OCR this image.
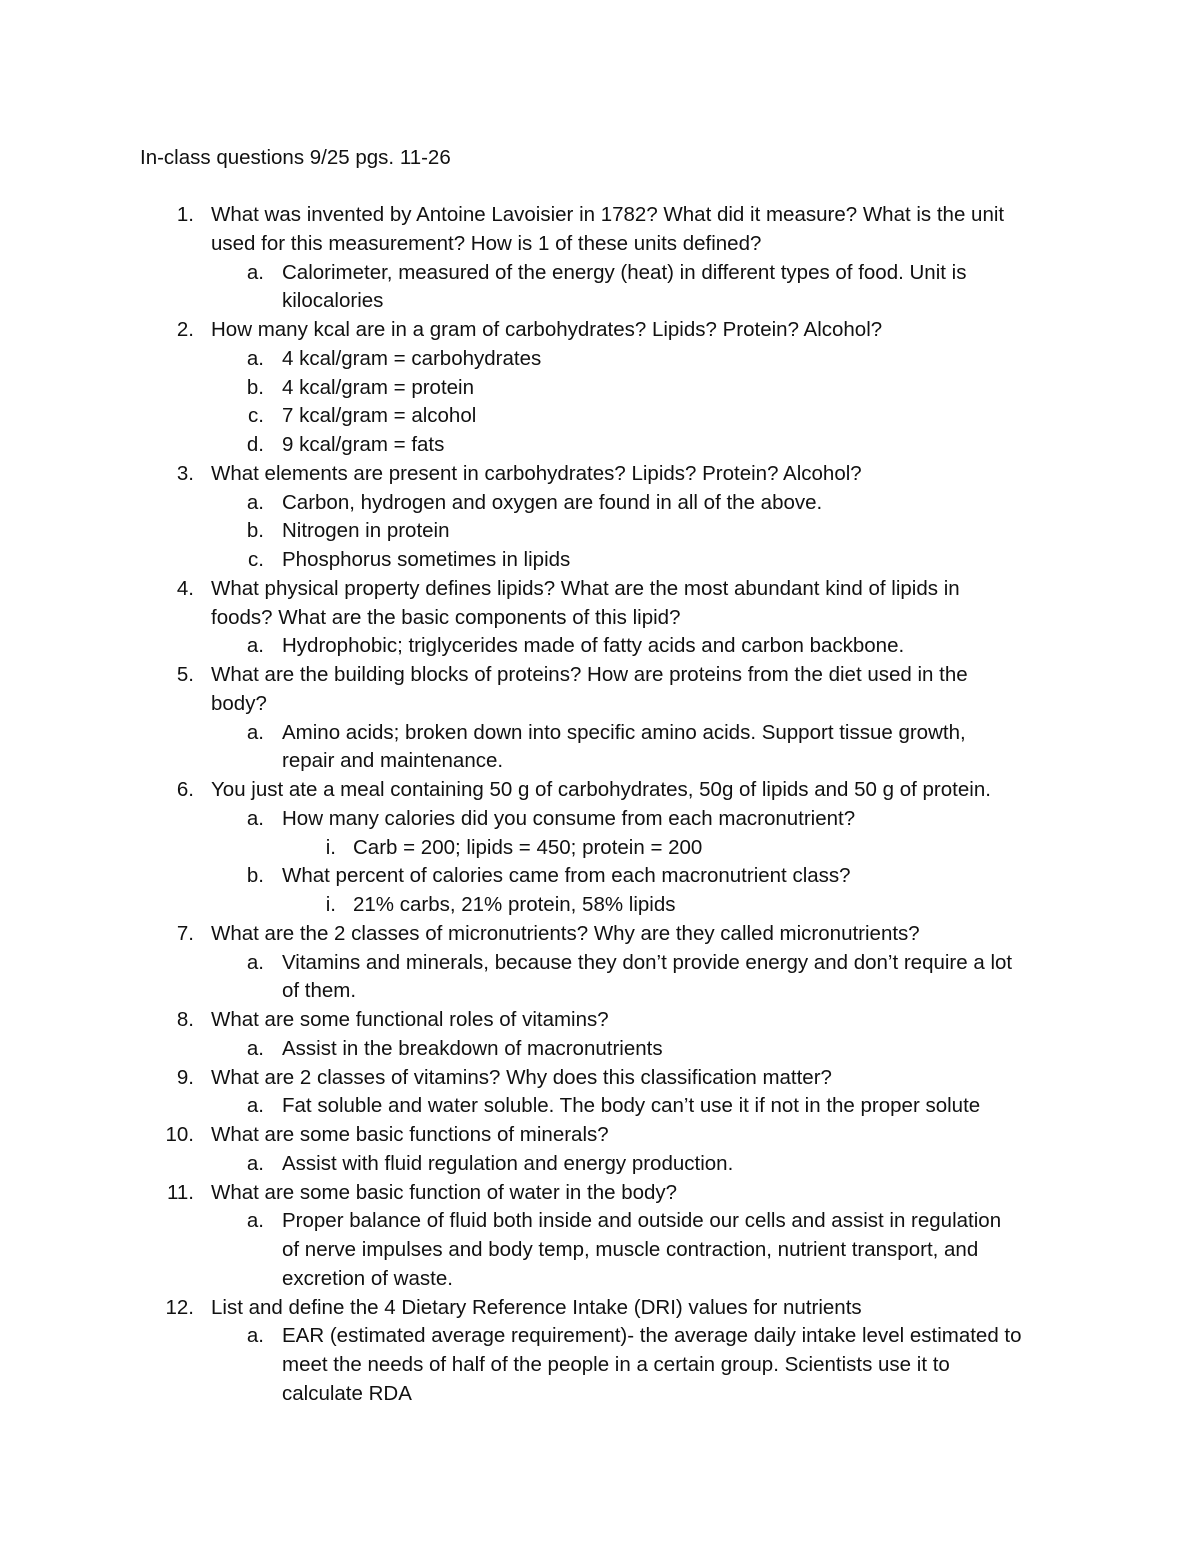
In-class questions 9/25 pgs. 11-26
1. What was invented by Antoine Lavoisier in 1782? What did it measure? What is the unit
used for this measurement? How is 1 of these units defined?
a. Calorimeter, measured of the energy (heat) in different types of food. Unit is
kilocalories
2. How many kcal are in a gram of carbohydrates? Lipids? Protein? Alcohol?
a. 4 kcal/gram = carbohydrates
b. 4 kcal/gram = protein
c. 7 kcal/gram = alcohol
d. 9 kcal/gram = fats
3. What elements are present in carbohydrates? Lipids? Protein? Alcohol?
a. Carbon, hydrogen and oxygen are found in all of the above.
b. Nitrogen in protein
c. Phosphorus sometimes in lipids
4. What physical property defines lipids? What are the most abundant kind of lipids in
foods? What are the basic components of this lipid?
a. Hydrophobic; triglycerides made of fatty acids and carbon backbone.
5. What are the building blocks of proteins? How are proteins from the diet used in the
body?
a. Amino acids; broken down into specific amino acids. Support tissue growth,
repair and maintenance.
6. You just ate a meal containing 50 g of carbohydrates, 50g of lipids and 50 g of protein.
a. How many calories did you consume from each macronutrient?
i. Carb = 200; lipids = 450; protein = 200
b. What percent of calories came from each macronutrient class?
i. 21% carbs, 21% protein, 58% lipids
7. What are the 2 classes of micronutrients? Why are they called micronutrients?
a. Vitamins and minerals, because they don’t provide energy and don’t require a lot
of them.
8. What are some functional roles of vitamins?
a. Assist in the breakdown of macronutrients
9. What are 2 classes of vitamins? Why does this classification matter?
a. Fat soluble and water soluble. The body can’t use it if not in the proper solute
10. What are some basic functions of minerals?
a. Assist with fluid regulation and energy production.
11. What are some basic function of water in the body?
a. Proper balance of fluid both inside and outside our cells and assist in regulation
of nerve impulses and body temp, muscle contraction, nutrient transport, and
excretion of waste.
12. List and define the 4 Dietary Reference Intake (DRI) values for nutrients
a. EAR (estimated average requirement)- the average daily intake level estimated to
meet the needs of half of the people in a certain group. Scientists use it to
calculate RDA
